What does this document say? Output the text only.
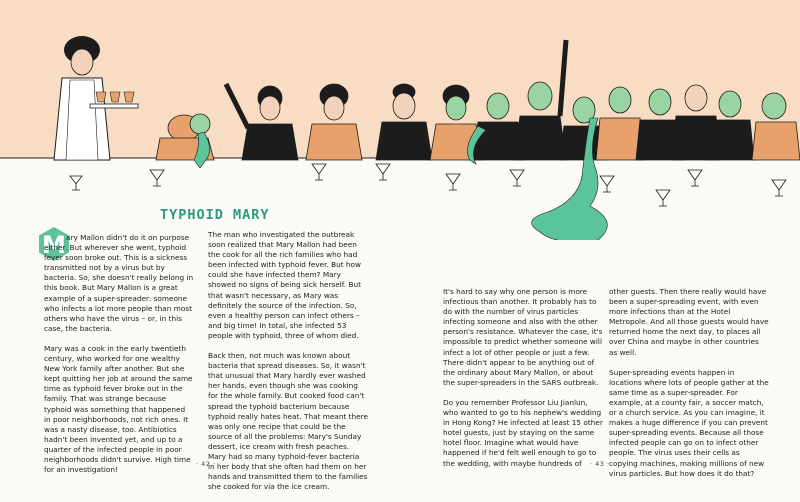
TYPHOID MARY
M ary Mallon didn't do it on purpose either. But wherever she went, typhoid fever soon broke out. This is a sickness transmitted not by a virus but by bacteria. So, she doesn't really belong in this book. But Mary Mallon is a great example of a super-spreader: someone who infects a lot more people than most others who have the virus – or, in this case, the bacteria.

Mary was a cook in the early twentieth century, who worked for one wealthy New York family after another. But she kept quitting her job at around the same time as typhoid fever broke out in the family. That was strange because typhoid was something that happened in poor neighborhoods, not rich ones. It was a nasty disease, too. Antibiotics hadn't been invented yet, and up to a quarter of the infected people in poor neighborhoods didn't survive. High time for an investigation!

The man who investigated the outbreak soon realized that Mary Mallon had been the cook for all the rich families who had been infected with typhoid fever. But how could she have infected them? Mary showed no signs of being sick herself. But that wasn't necessary, as Mary was definitely the source of the infection. So, even a healthy person can infect others – and big time! In total, she infected 53 people with typhoid, three of whom died.

Back then, not much was known about bacteria that spread diseases. So, it wasn't that unusual that Mary hardly ever washed her hands, even though she was cooking for the whole family. But cooked food can't spread the typhoid bacterium because typhoid really hates heat. That meant there was only one recipe that could be the source of all the problems: Mary's Sunday dessert, ice cream with fresh peaches. Mary had so many typhoid-fever bacteria in her body that she often had them on her hands and transmitted them to the families she cooked for via the ice cream.

It's hard to say why one person is more infectious than another. It probably has to do with the number of virus particles infecting someone and also with the other person's resistance. Whatever the case, it's impossible to predict whether someone will infect a lot of other people or just a few. There didn't appear to be anything out of the ordinary about Mary Mallon, or about the super-spreaders in the SARS outbreak.

Do you remember Professor Liu Jianlun, who wanted to go to his nephew's wedding in Hong Kong? He infected at least 15 other hotel guests, just by staying on the same hotel floor. Imagine what would have happened if he'd felt well enough to go to the wedding, with maybe hundreds of

other guests. Then there really would have been a super-spreading event, with even more infections than at the Hotel Metropole. And all those guests would have returned home the next day, to places all over China and maybe in other countries as well.

Super-spreading events happen in locations where lots of people gather at the same time as a super-spreader. For example, at a county fair, a soccer match, or a church service. As you can imagine, it makes a huge difference if you can prevent super-spreading events. Because all those infected people can go on to infect other people. The virus uses their cells as copying machines, making millions of new virus particles. But how does it do that?

· 42 ·	· 43 ·
